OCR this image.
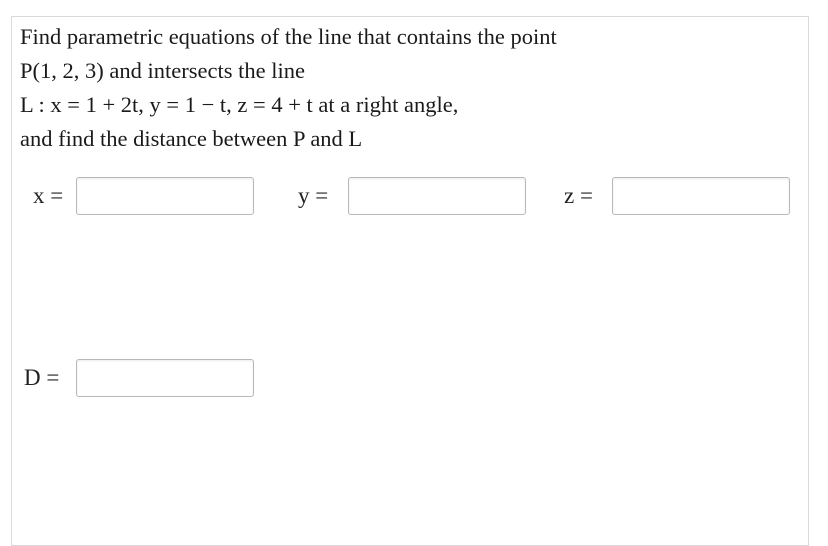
Find parametric equations of the line that contains the point
P(1, 2, 3) and intersects the line
L : x = 1 + 2t, y = 1 − t, z = 4 + t at a right angle,
and find the distance between P and L
x =	y =	z =
D =
